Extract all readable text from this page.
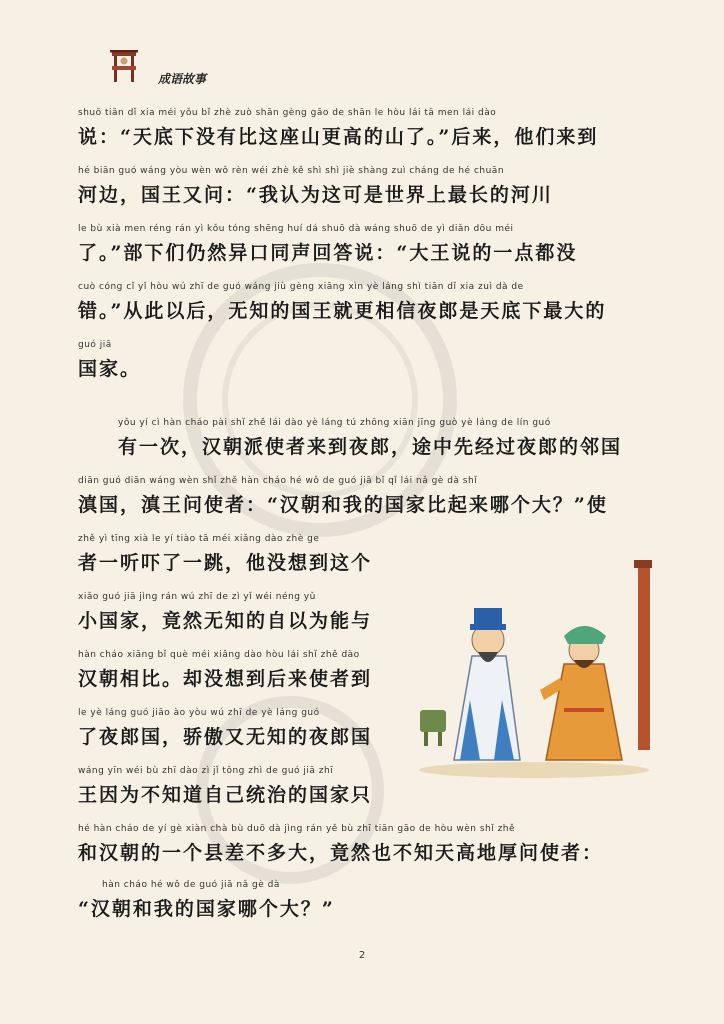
成语故事
shuō tiān dǐ xia méi yǒu bǐ zhè zuò shān gèng gāo de shān le hòu lái tā men lái dào
说：“天底下没有比这座山更高的山了。”后来，他们来到
hé biān guó wáng yòu wèn wǒ rèn wéi zhè kě shì shì jiè shàng zuì cháng de hé chuān
河边，国王又问：“我认为这可是世界上最长的河川
le bù xià men réng rán yì kǒu tóng shēng huí dá shuō dà wáng shuō de yì diǎn dōu méi
了。”部下们仍然异口同声回答说：“大王说的一点都没
cuò cóng cǐ yǐ hòu wú zhī de guó wáng jiù gèng xiāng xìn yè láng shì tiān dǐ xia zuì dà de
错。”从此以后，无知的国王就更相信夜郎是天底下最大的
guó jiā
国家。
yǒu yí cì hàn cháo pài shǐ zhě lái dào yè láng tú zhōng xiān jīng guò yè láng de lín guó
有一次，汉朝派使者来到夜郎，途中先经过夜郎的邻国
diān guó diān wáng wèn shǐ zhě hàn cháo hé wǒ de guó jiā bǐ qǐ lái nǎ gè dà shǐ
滇国，滇王问使者：“汉朝和我的国家比起来哪个大？”使
zhě yì tīng xià le yí tiào tā méi xiǎng dào zhè ge
者一听吓了一跳，他没想到这个
xiǎo guó jiā jìng rán wú zhī de zì yǐ wéi néng yǔ
小国家，竟然无知的自以为能与
hàn cháo xiāng bǐ què méi xiǎng dào hòu lái shǐ zhě dào
汉朝相比。却没想到后来使者到
le yè láng guó jiāo ào yòu wú zhī de yè láng guó
了夜郎国，骄傲又无知的夜郎国
wáng yīn wéi bù zhī dào zì jǐ tǒng zhì de guó jiā zhī
王因为不知道自己统治的国家只
hé hàn cháo de yí gè xiàn chà bù duō dà jìng rán yě bù zhī tiān gāo de hòu wèn shǐ zhě
和汉朝的一个县差不多大，竟然也不知天高地厚问使者：
hàn cháo hé wǒ de guó jiā nǎ gè dà
“汉朝和我的国家哪个大？”
2
